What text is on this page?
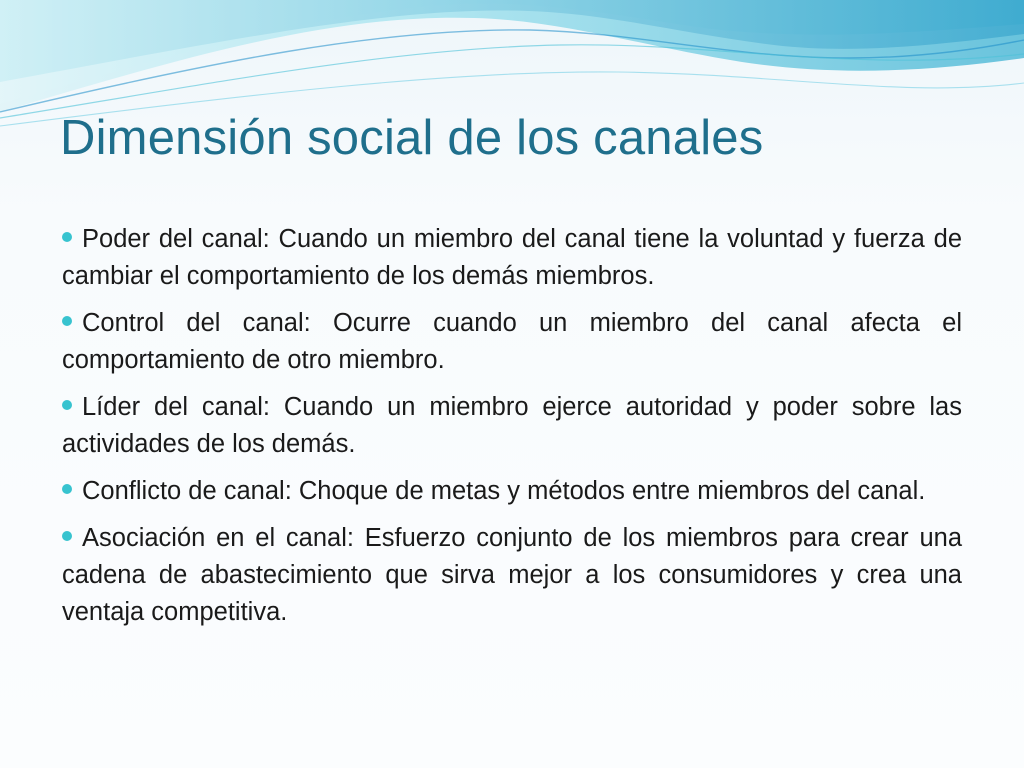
Dimensión social de los canales
Poder del canal: Cuando un miembro del canal tiene la voluntad y fuerza de cambiar el comportamiento de los demás miembros.
Control del canal: Ocurre cuando un miembro del canal afecta el comportamiento de otro miembro.
Líder del canal: Cuando un miembro ejerce autoridad y poder sobre las actividades de los demás.
Conflicto de canal: Choque de metas y métodos entre miembros del canal.
Asociación en el canal: Esfuerzo conjunto de los miembros para crear una cadena de abastecimiento que sirva mejor a los consumidores y crea una ventaja competitiva.
